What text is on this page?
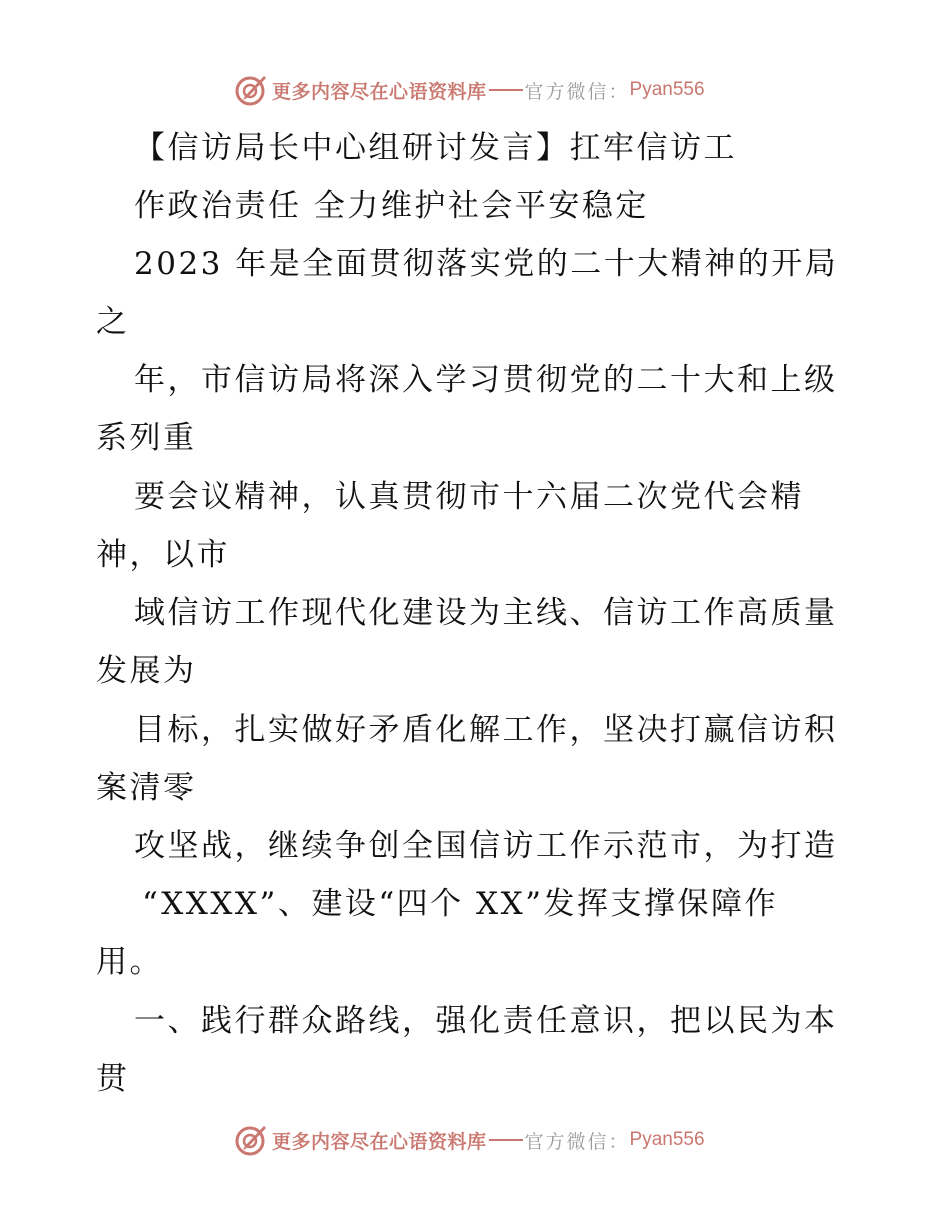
更多内容尽在心语资料库 官方微信： Pyan556
【信访局长中心组研讨发言】扛牢信访工
作政治责任 全力维护社会平安稳定
2023 年是全面贯彻落实党的二十大精神的开局
之
年，市信访局将深入学习贯彻党的二十大和上级
系列重
要会议精神，认真贯彻市十六届二次党代会精
神，以市
域信访工作现代化建设为主线、信访工作高质量
发展为
目标，扎实做好矛盾化解工作，坚决打赢信访积
案清零
攻坚战，继续争创全国信访工作示范市，为打造
“XXXX”、建设“四个 XX”发挥支撑保障作
用。
一、践行群众路线，强化责任意识，把以民为本
贯
更多内容尽在心语资料库 官方微信： Pyan556
